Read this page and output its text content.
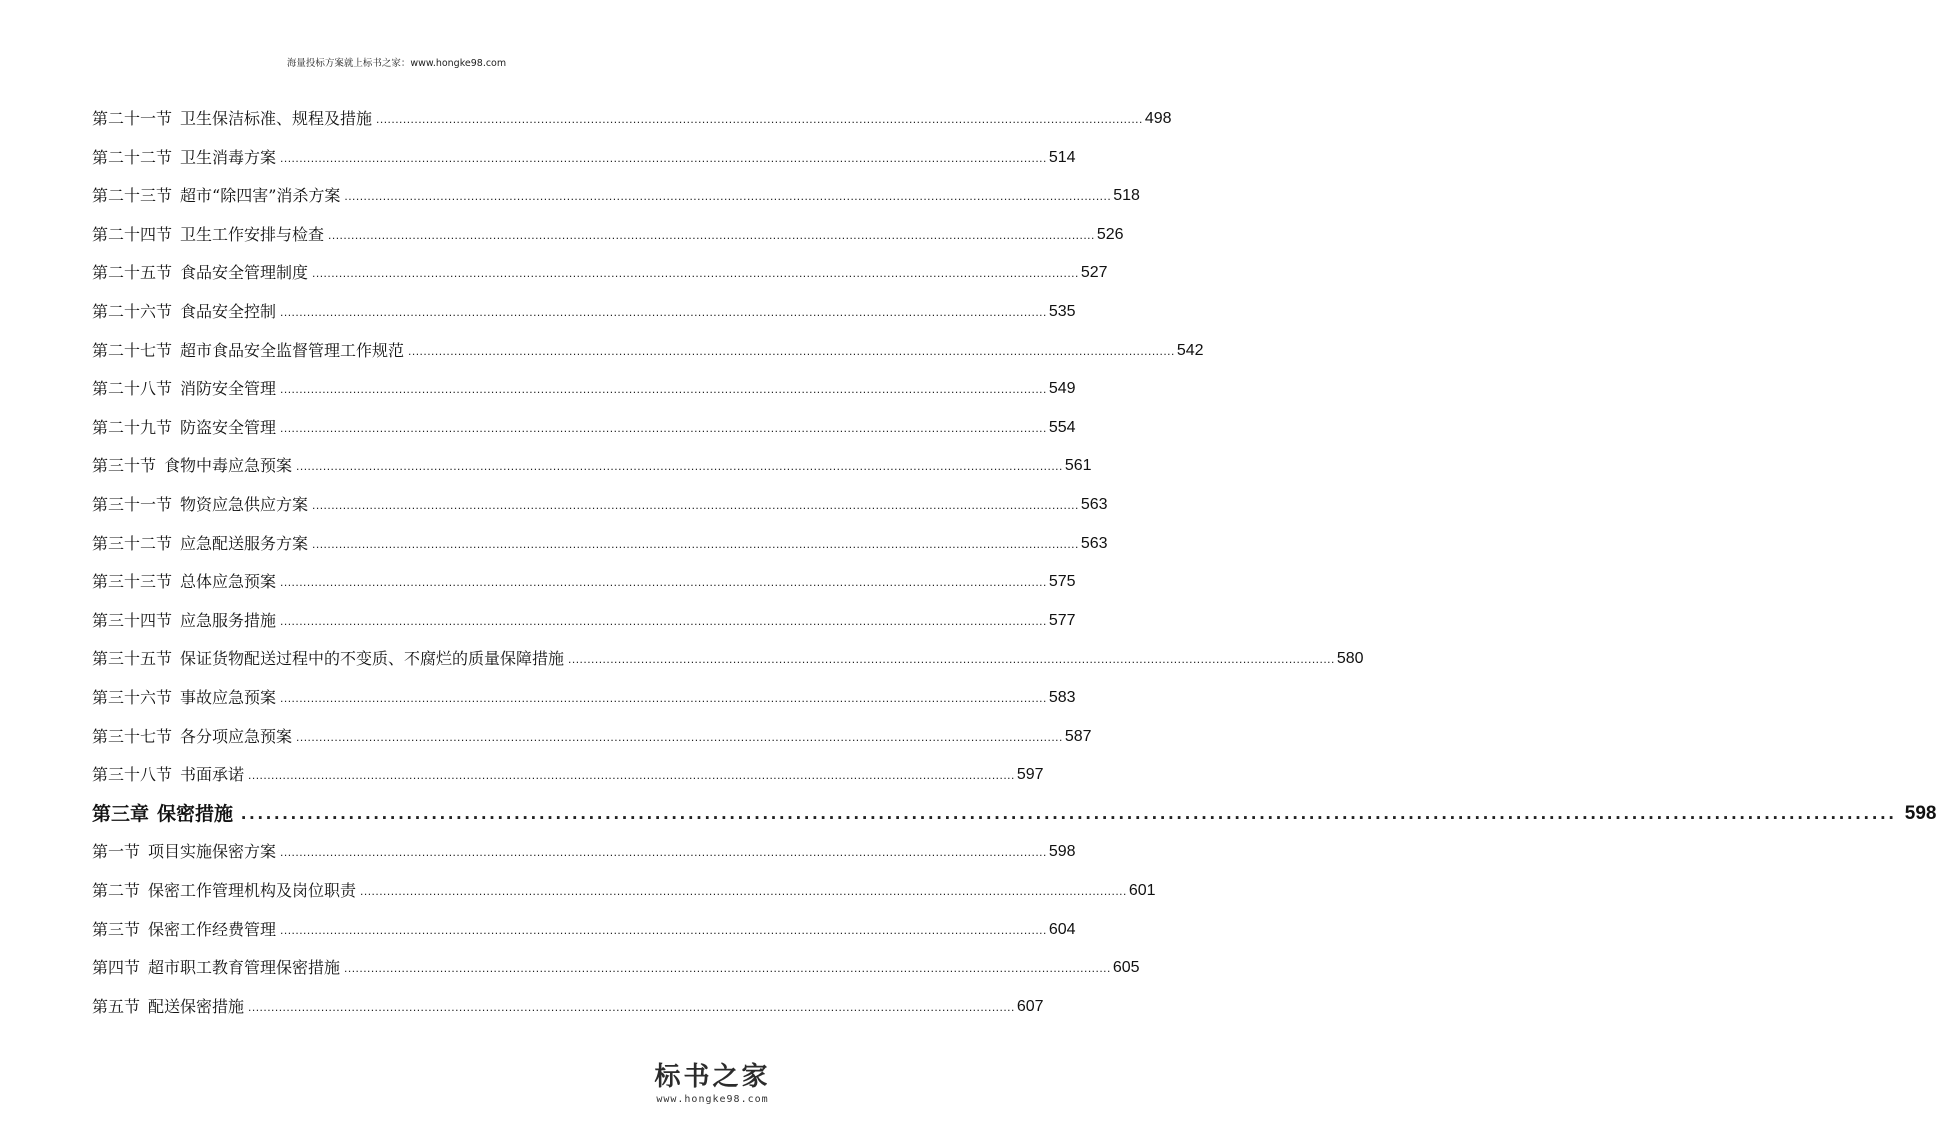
海量投标方案就上标书之家：www.hongke98.com
第二十一节 卫生保洁标准、规程及措施 ........................................................................................................................................................................................................ 498
第二十二节 卫生消毒方案 ........................................................................................................................................................................................................ 514
第二十三节 超市“除四害”消杀方案 ........................................................................................................................................................................................................ 518
第二十四节 卫生工作安排与检查 ........................................................................................................................................................................................................ 526
第二十五节 食品安全管理制度 ........................................................................................................................................................................................................ 527
第二十六节 食品安全控制 ........................................................................................................................................................................................................ 535
第二十七节 超市食品安全监督管理工作规范 ........................................................................................................................................................................................................ 542
第二十八节 消防安全管理 ........................................................................................................................................................................................................ 549
第二十九节 防盗安全管理 ........................................................................................................................................................................................................ 554
第三十节 食物中毒应急预案 ........................................................................................................................................................................................................ 561
第三十一节 物资应急供应方案 ........................................................................................................................................................................................................ 563
第三十二节 应急配送服务方案 ........................................................................................................................................................................................................ 563
第三十三节 总体应急预案 ........................................................................................................................................................................................................ 575
第三十四节 应急服务措施 ........................................................................................................................................................................................................ 577
第三十五节 保证货物配送过程中的不变质、不腐烂的质量保障措施 ........................................................................................................................................................................................................ 580
第三十六节 事故应急预案 ........................................................................................................................................................................................................ 583
第三十七节 各分项应急预案 ........................................................................................................................................................................................................ 587
第三十八节 书面承诺 ........................................................................................................................................................................................................ 597
第三章 保密措施 ........................................................................................................................................................................................................ 598
第一节 项目实施保密方案 ........................................................................................................................................................................................................ 598
第二节 保密工作管理机构及岗位职责 ........................................................................................................................................................................................................ 601
第三节 保密工作经费管理 ........................................................................................................................................................................................................ 604
第四节 超市职工教育管理保密措施 ........................................................................................................................................................................................................ 605
第五节 配送保密措施 ........................................................................................................................................................................................................ 607
标书之家
www.hongke98.com
